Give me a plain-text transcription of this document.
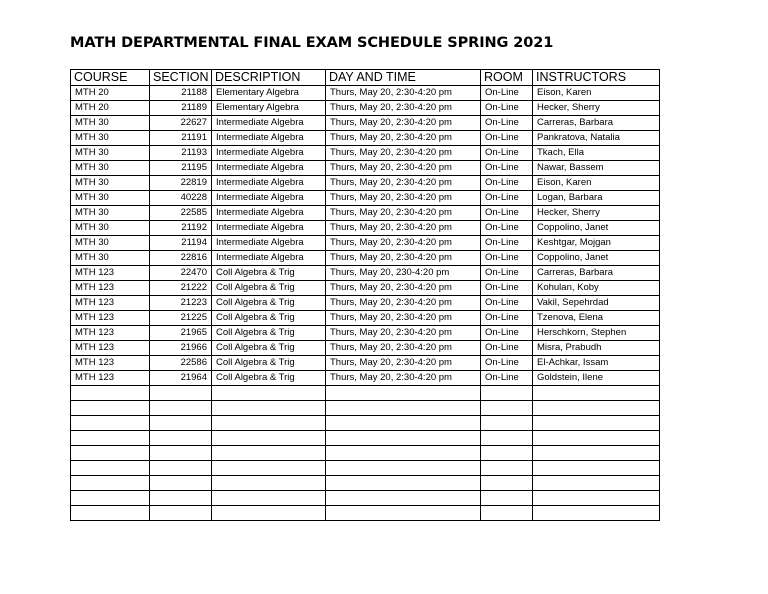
MATH DEPARTMENTAL FINAL EXAM SCHEDULE SPRING 2021
COURSE	SECTION	DESCRIPTION	DAY AND TIME	ROOM	INSTRUCTORS
MTH 20	21188	Elementary Algebra	Thurs, May 20, 2:30-4:20 pm	On-Line	Eison, Karen
MTH 20	21189	Elementary Algebra	Thurs, May 20, 2:30-4:20 pm	On-Line	Hecker, Sherry
MTH 30	22627	Intermediate Algebra	Thurs, May 20, 2:30-4:20 pm	On-Line	Carreras, Barbara
MTH 30	21191	Intermediate Algebra	Thurs, May 20, 2:30-4:20 pm	On-Line	Pankratova, Natalia
MTH 30	21193	Intermediate Algebra	Thurs, May 20, 2:30-4:20 pm	On-Line	Tkach, Ella
MTH 30	21195	Intermediate Algebra	Thurs, May 20, 2:30-4:20 pm	On-Line	Nawar, Bassem
MTH 30	22819	Intermediate Algebra	Thurs, May 20, 2:30-4:20 pm	On-Line	Eison, Karen
MTH 30	40228	Intermediate Algebra	Thurs, May 20, 2:30-4:20 pm	On-Line	Logan, Barbara
MTH 30	22585	Intermediate Algebra	Thurs, May 20, 2:30-4:20 pm	On-Line	Hecker, Sherry
MTH 30	21192	Intermediate Algebra	Thurs, May 20, 2:30-4:20 pm	On-Line	Coppolino, Janet
MTH 30	21194	Intermediate Algebra	Thurs, May 20, 2:30-4:20 pm	On-Line	Keshtgar, Mojgan
MTH 30	22816	Intermediate Algebra	Thurs, May 20, 2:30-4:20 pm	On-Line	Coppolino, Janet
MTH 123	22470	Coll Algebra & Trig	Thurs, May 20, 230-4:20 pm	On-Line	Carreras, Barbara
MTH 123	21222	Coll Algebra & Trig	Thurs, May 20, 2:30-4:20 pm	On-Line	Kohulan, Koby
MTH 123	21223	Coll Algebra & Trig	Thurs, May 20, 2:30-4:20 pm	On-Line	Vakil, Sepehrdad
MTH 123	21225	Coll Algebra & Trig	Thurs, May 20, 2:30-4:20 pm	On-Line	Tzenova, Elena
MTH 123	21965	Coll Algebra & Trig	Thurs, May 20, 2:30-4:20 pm	On-Line	Herschkorn, Stephen
MTH 123	21966	Coll Algebra & Trig	Thurs, May 20, 2:30-4:20 pm	On-Line	Misra, Prabudh
MTH 123	22586	Coll Algebra & Trig	Thurs, May 20, 2:30-4:20 pm	On-Line	El-Achkar, Issam
MTH 123	21964	Coll Algebra & Trig	Thurs, May 20, 2:30-4:20 pm	On-Line	Goldstein, Ilene
